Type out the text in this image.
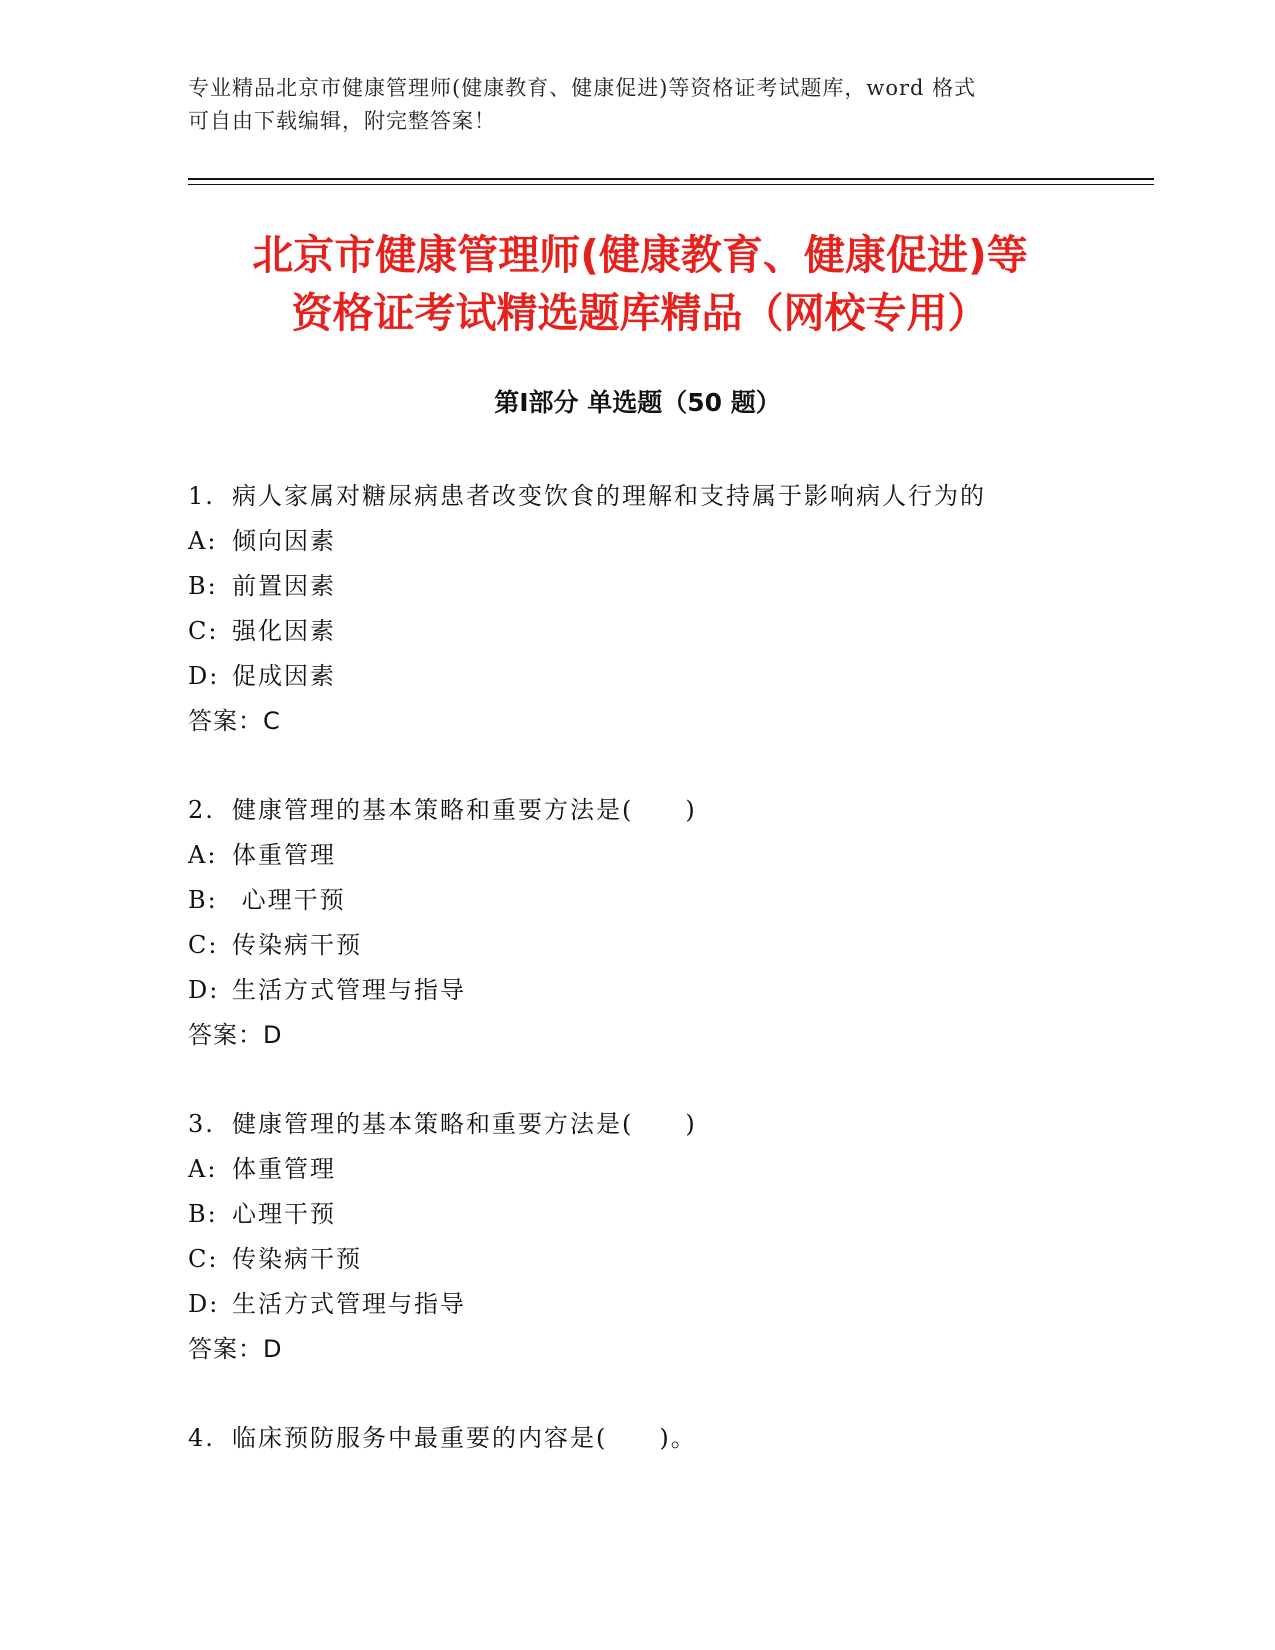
专业精品北京市健康管理师(健康教育、健康促进)等资格证考试题库，word 格式

可自由下载编辑，附完整答案！

北京市健康管理师(健康教育、健康促进)等
资格证考试精选题库精品（网校专用）
第Ⅰ部分 单选题（50 题）
1. 病人家属对糖尿病患者改变饮食的理解和支持属于影响病人行为的
A: 倾向因素
B: 前置因素
C: 强化因素
D: 促成因素
答案：C
2. 健康管理的基本策略和重要方法是(　　)
A: 体重管理
B: 心理干预
C: 传染病干预
D: 生活方式管理与指导
答案：D
3. 健康管理的基本策略和重要方法是(　　)
A: 体重管理
B: 心理干预
C: 传染病干预
D: 生活方式管理与指导
答案：D
4. 临床预防服务中最重要的内容是(　　)。
